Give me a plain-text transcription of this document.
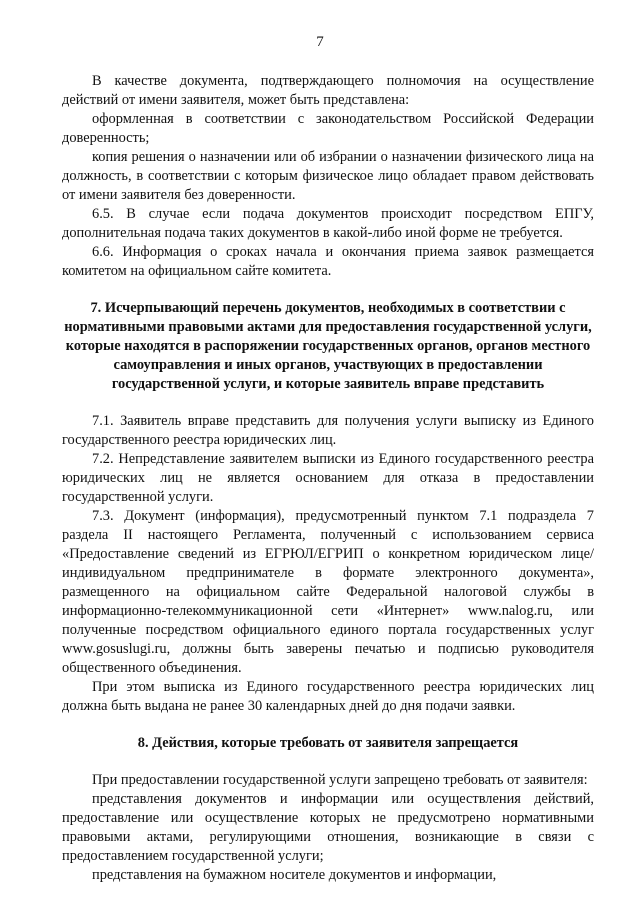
7

В качестве документа, подтверждающего полномочия на осуществление действий от имени заявителя, может быть представлена:

оформленная в соответствии с законодательством Российской Федерации доверенность;

копия решения о назначении или об избрании о назначении физического лица на должность, в соответствии с которым физическое лицо обладает правом действовать от имени заявителя без доверенности.

6.5. В случае если подача документов происходит посредством ЕПГУ, дополнительная подача таких документов в какой-либо иной форме не требуется.

6.6. Информация о сроках начала и окончания приема заявок размещается комитетом на официальном сайте комитета.

7. Исчерпывающий перечень документов, необходимых в соответствии с нормативными правовыми актами для предоставления государственной услуги, которые находятся в распоряжении государственных органов, органов местного самоуправления и иных органов, участвующих в предоставлении государственной услуги, и которые заявитель вправе представить

7.1. Заявитель вправе представить для получения услуги выписку из Единого государственного реестра юридических лиц.

7.2. Непредставление заявителем выписки из Единого государственного реестра юридических лиц не является основанием для отказа в предоставлении государственной услуги.

7.3. Документ (информация), предусмотренный пунктом 7.1 подраздела 7 раздела II настоящего Регламента, полученный с использованием сервиса «Предоставление сведений из ЕГРЮЛ/ЕГРИП о конкретном юридическом лице/индивидуальном предпринимателе в формате электронного документа», размещенного на официальном сайте Федеральной налоговой службы в информационно-телекоммуникационной сети «Интернет» www.nalog.ru, или полученные посредством официального единого портала государственных услуг www.gosuslugi.ru, должны быть заверены печатью и подписью руководителя общественного объединения.

При этом выписка из Единого государственного реестра юридических лиц должна быть выдана не ранее 30 календарных дней до дня подачи заявки.

8. Действия, которые требовать от заявителя запрещается

При предоставлении государственной услуги запрещено требовать от заявителя:

представления документов и информации или осуществления действий, предоставление или осуществление которых не предусмотрено нормативными правовыми актами, регулирующими отношения, возникающие в связи с предоставлением государственной услуги;

представления на бумажном носителе документов и информации,
